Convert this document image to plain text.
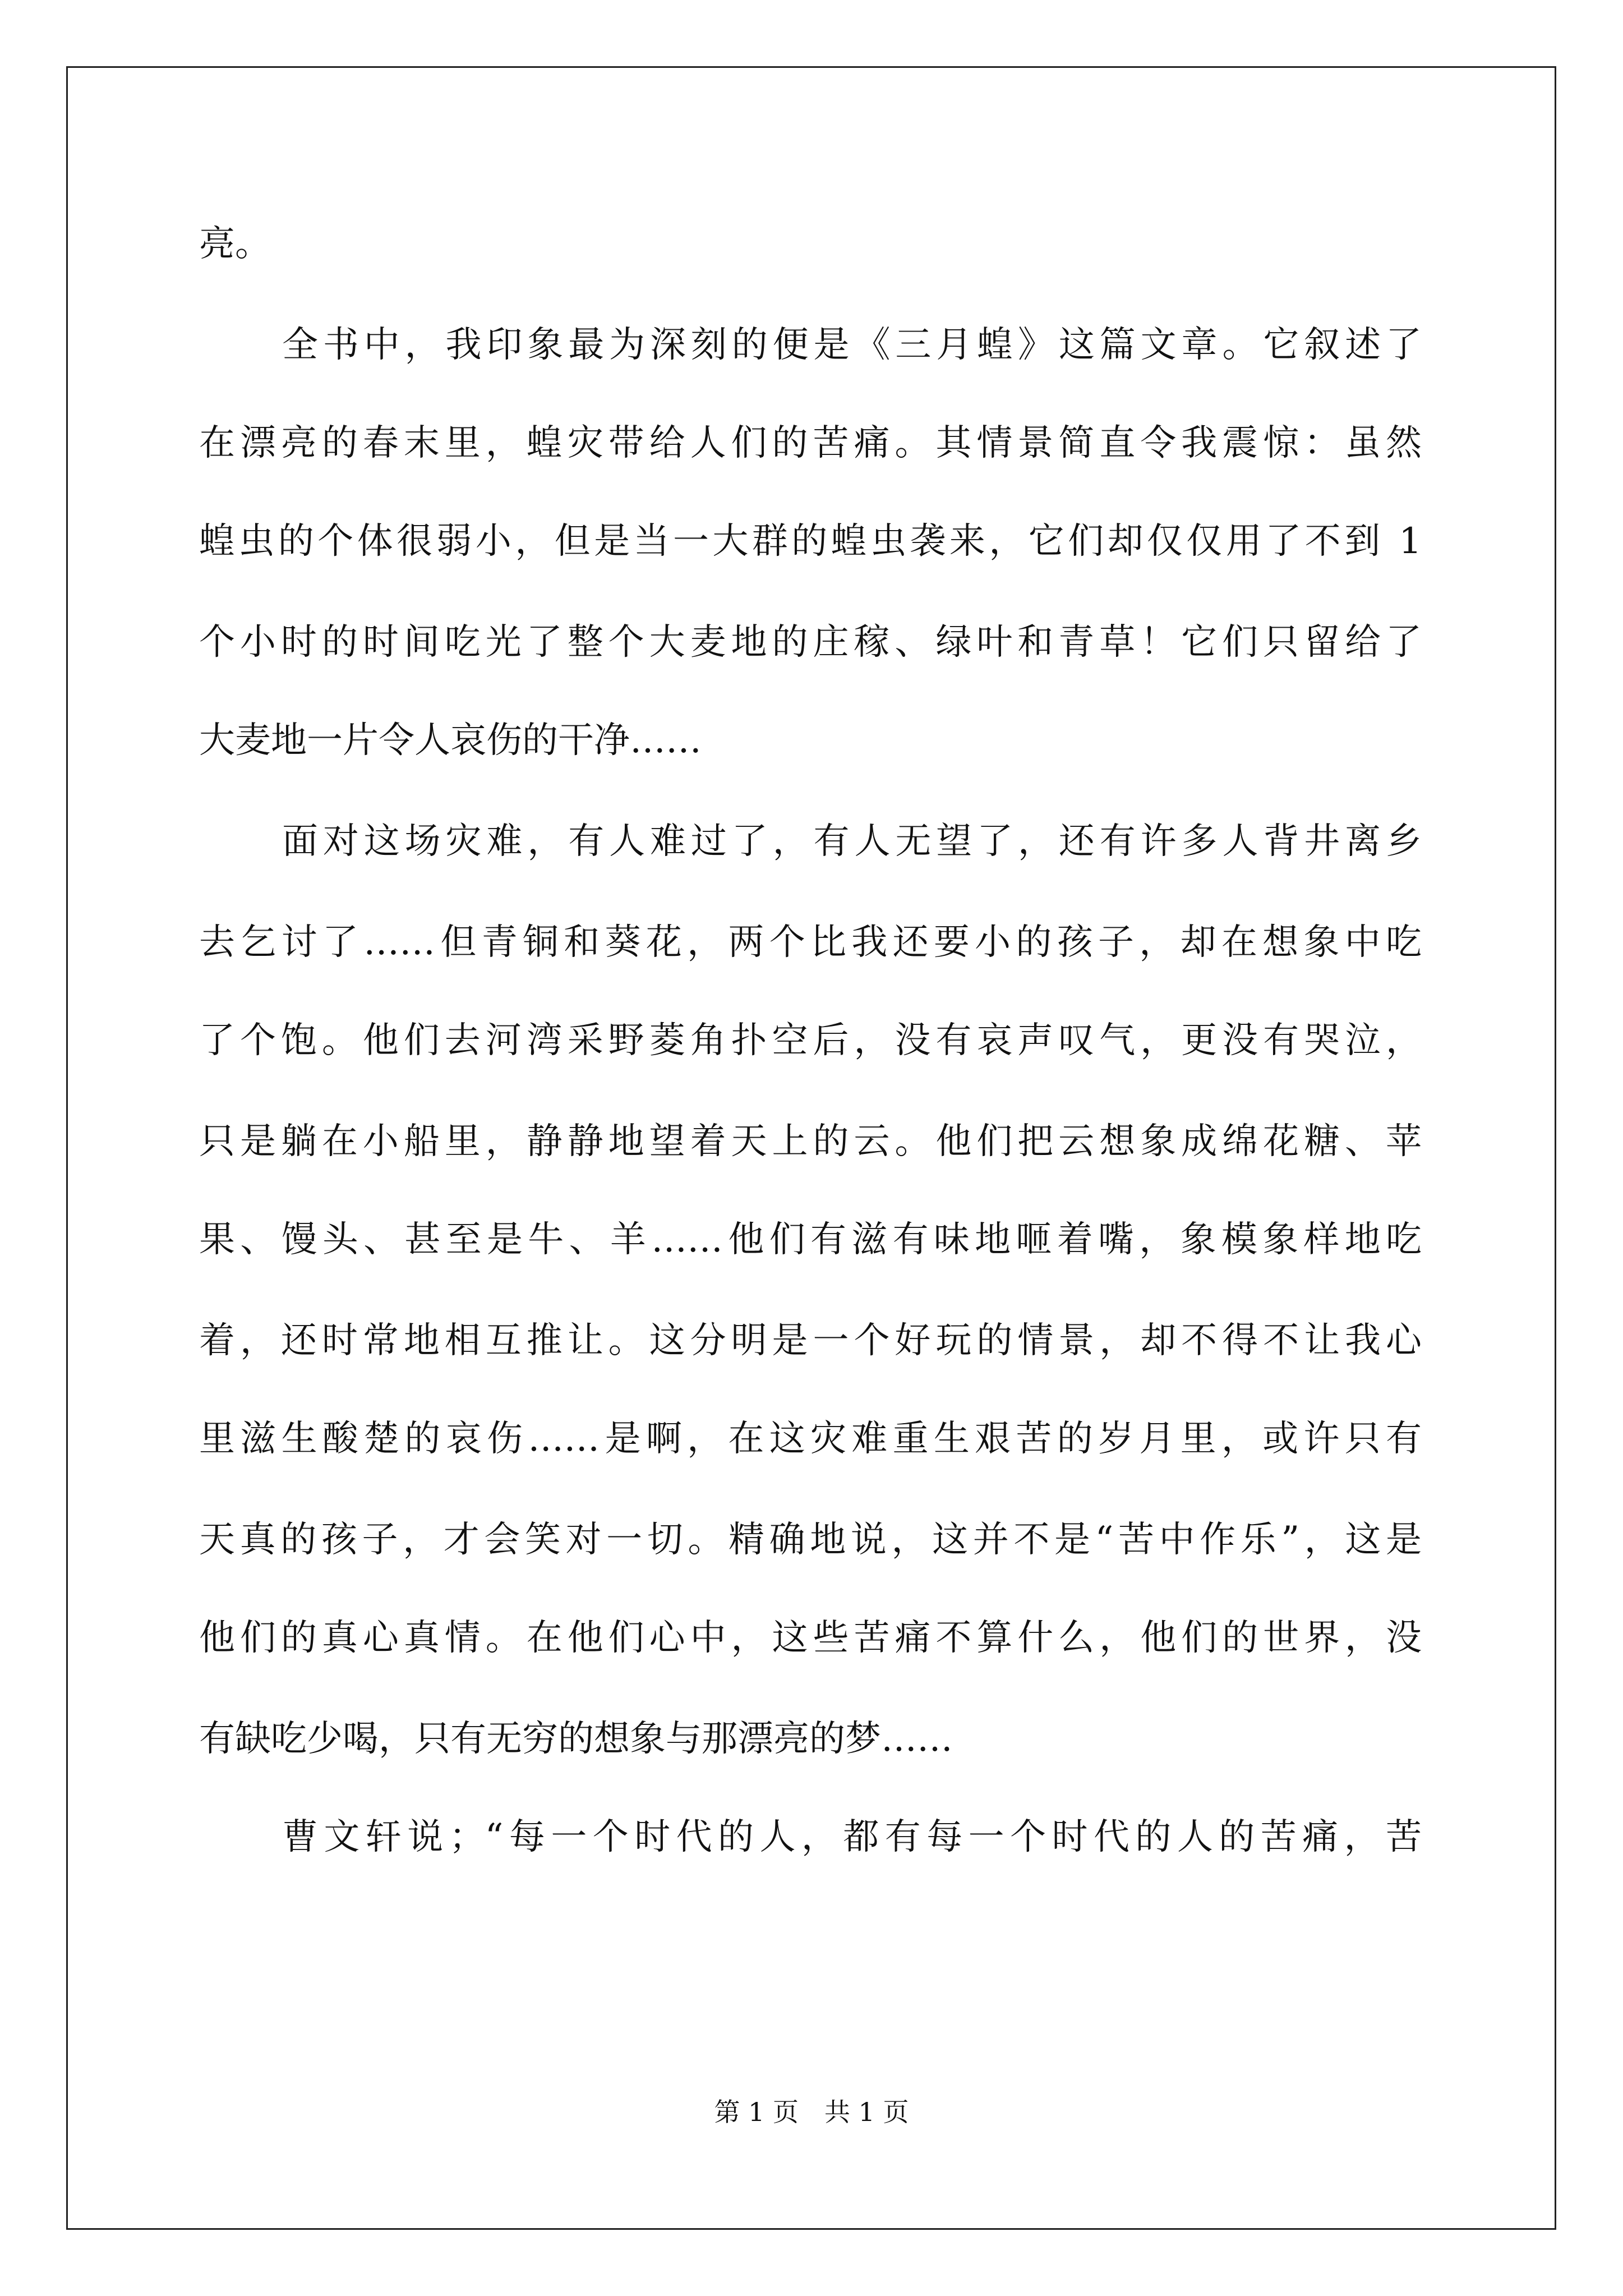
亮。
全书中，我印象最为深刻的便是《三月蝗》这篇文章。它叙述了
在漂亮的春末里，蝗灾带给人们的苦痛。其情景简直令我震惊：虽然
蝗虫的个体很弱小，但是当一大群的蝗虫袭来，它们却仅仅用了不到 1
个小时的时间吃光了整个大麦地的庄稼、绿叶和青草！它们只留给了
大麦地一片令人哀伤的干净……
面对这场灾难，有人难过了，有人无望了，还有许多人背井离乡
去乞讨了……但青铜和葵花，两个比我还要小的孩子，却在想象中吃
了个饱。他们去河湾采野菱角扑空后，没有哀声叹气，更没有哭泣，
只是躺在小船里，静静地望着天上的云。他们把云想象成绵花糖、苹
果、馒头、甚至是牛、羊……他们有滋有味地咂着嘴，象模象样地吃
着，还时常地相互推让。这分明是一个好玩的情景，却不得不让我心
里滋生酸楚的哀伤……是啊，在这灾难重生艰苦的岁月里，或许只有
天真的孩子，才会笑对一切。精确地说，这并不是“苦中作乐”，这是
他们的真心真情。在他们心中，这些苦痛不算什么，他们的世界，没
有缺吃少喝，只有无穷的想象与那漂亮的梦……
曹文轩说；“每一个时代的人，都有每一个时代的人的苦痛，苦
第 1 页　共 1 页
